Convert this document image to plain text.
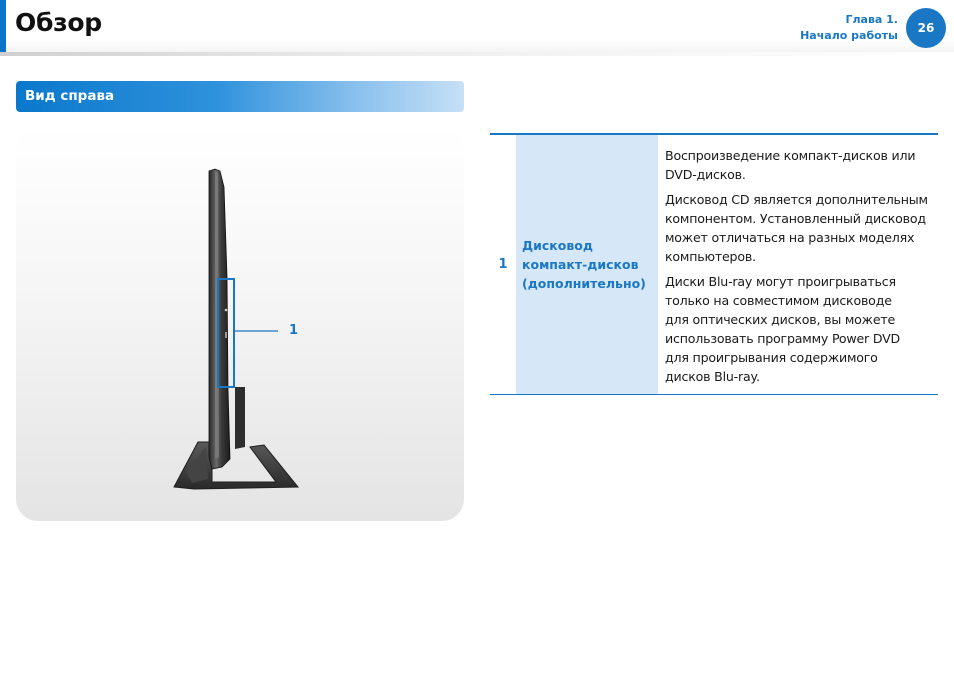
Обзор	Глава 1.
Начало работы
26
Вид справа
1
1
Дисковод
компакт-дисков
(дополнительно)

Воспроизведение компакт-дисков или
DVD-дисков.

Дисковод CD является дополнительным
компонентом. Установленный дисковод
может отличаться на разных моделях
компьютеров.

Диски Blu-ray могут проигрываться
только на совместимом дисководе
для оптических дисков, вы можете
использовать программу Power DVD
для проигрывания содержимого
дисков Blu-ray.
